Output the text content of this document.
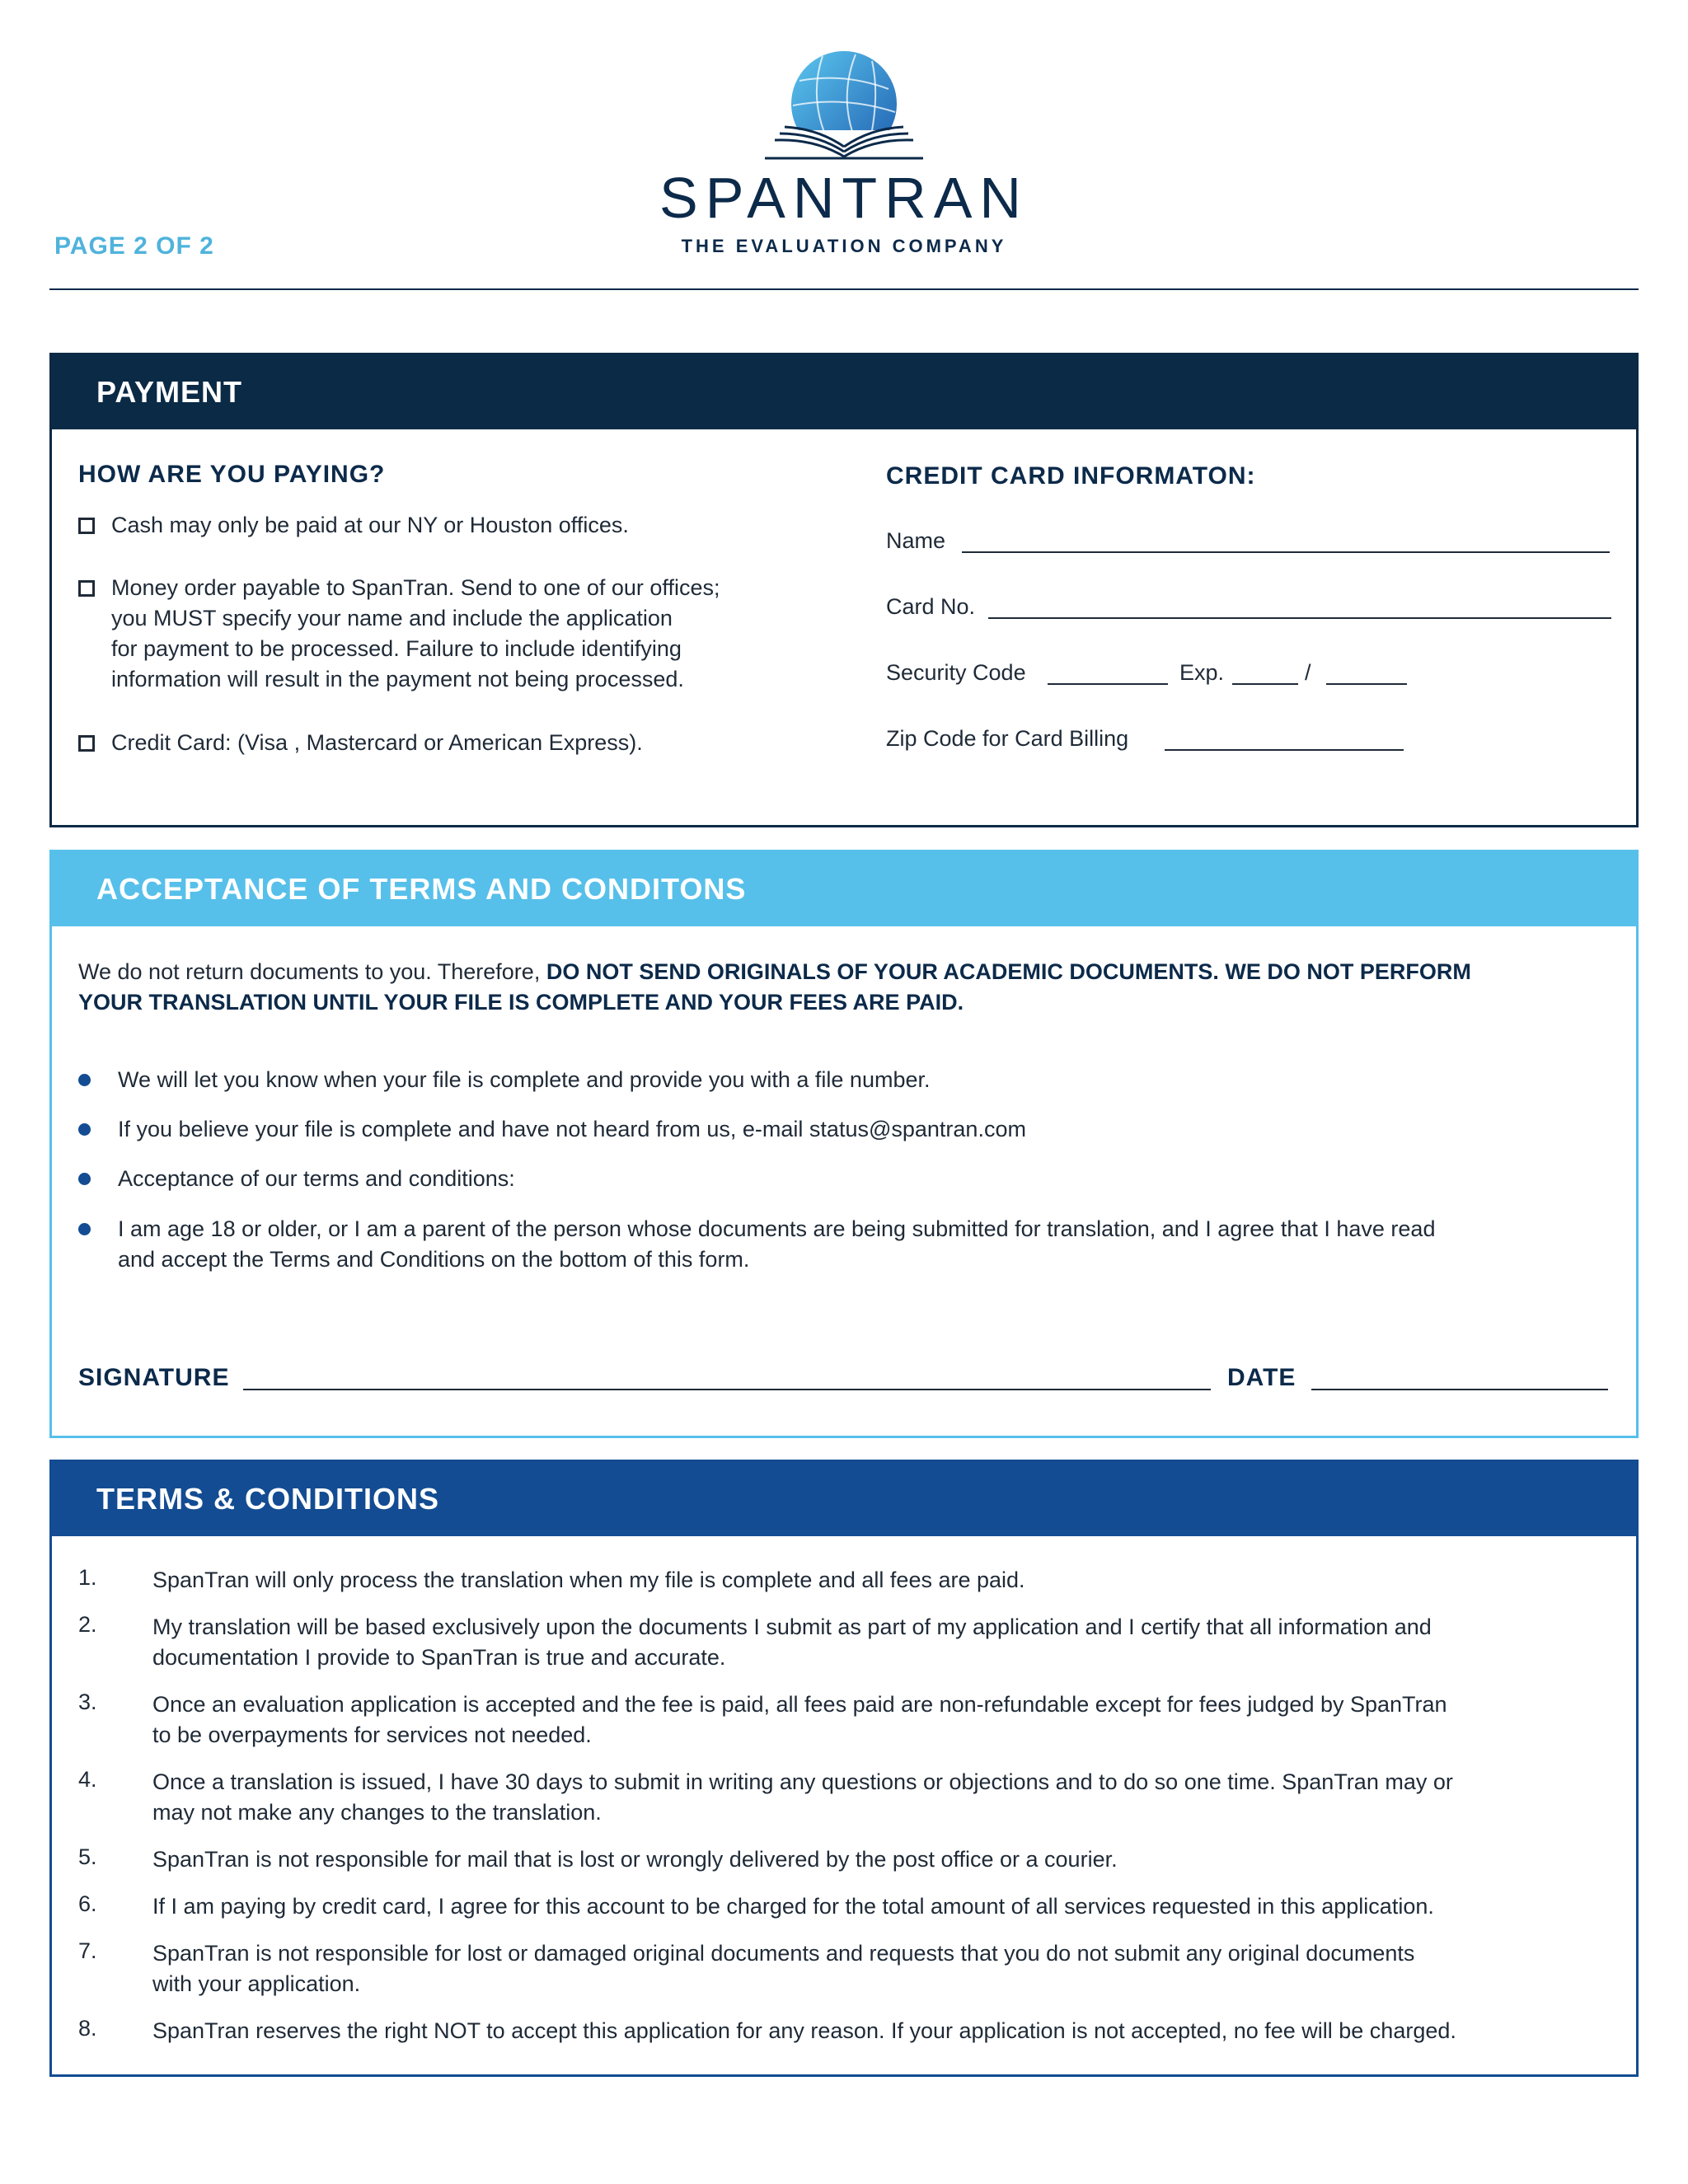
PAGE 2 OF 2
SPANTRAN
THE EVALUATION COMPANY
PAYMENT
HOW ARE YOU PAYING?
Cash may only be paid at our NY or Houston offices.
Money order payable to SpanTran. Send to one of our offices;
you MUST specify your name and include the application
for payment to be processed. Failure to include identifying
information will result in the payment not being processed.
Credit Card: (Visa , Mastercard or American Express).
CREDIT CARD INFORMATON:
Name
Card No.
Security Code	Exp.	/
Zip Code for Card Billing
ACCEPTANCE OF TERMS AND CONDITONS
We do not return documents to you. Therefore, DO NOT SEND ORIGINALS OF YOUR ACADEMIC DOCUMENTS. WE DO NOT PERFORM
YOUR TRANSLATION UNTIL YOUR FILE IS COMPLETE AND YOUR FEES ARE PAID.
We will let you know when your file is complete and provide you with a file number.
If you believe your file is complete and have not heard from us, e-mail status@spantran.com
Acceptance of our terms and conditions:
I am age 18 or older, or I am a parent of the person whose documents are being submitted for translation, and I agree that I have read
and accept the Terms and Conditions on the bottom of this form.
SIGNATURE	DATE
TERMS & CONDITIONS
1. SpanTran will only process the translation when my file is complete and all fees are paid.
2. My translation will be based exclusively upon the documents I submit as part of my application and I certify that all information and
documentation I provide to SpanTran is true and accurate.
3. Once an evaluation application is accepted and the fee is paid, all fees paid are non-refundable except for fees judged by SpanTran
to be overpayments for services not needed.
4. Once a translation is issued, I have 30 days to submit in writing any questions or objections and to do so one time. SpanTran may or
may not make any changes to the translation.
5. SpanTran is not responsible for mail that is lost or wrongly delivered by the post office or a courier.
6. If I am paying by credit card, I agree for this account to be charged for the total amount of all services requested in this application.
7. SpanTran is not responsible for lost or damaged original documents and requests that you do not submit any original documents
with your application.
8. SpanTran reserves the right NOT to accept this application for any reason. If your application is not accepted, no fee will be charged.
